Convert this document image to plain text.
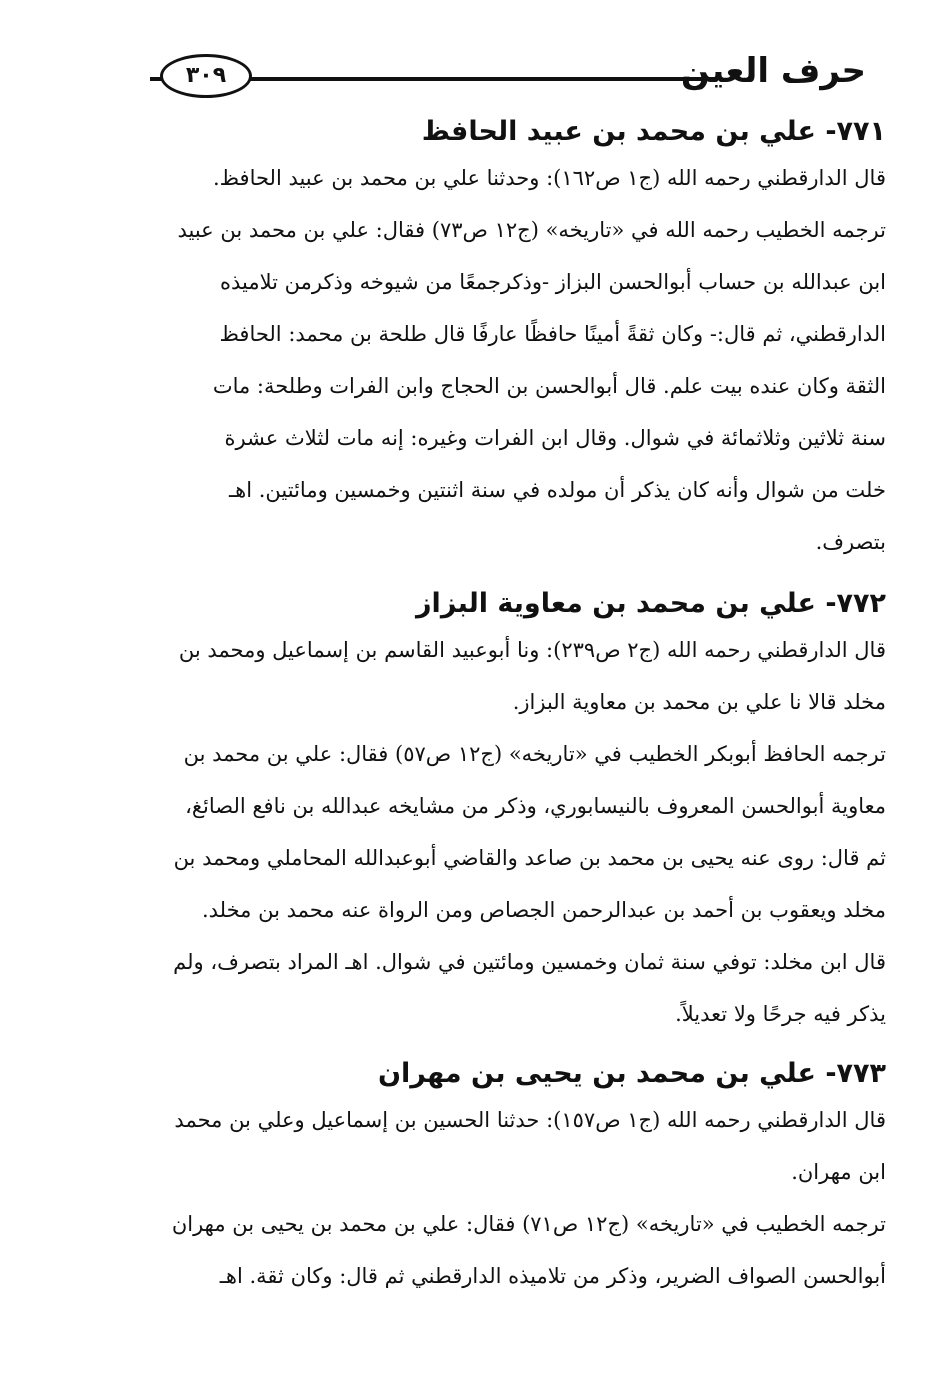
حرف العين
٣٠٩
٧٧١- علي بن محمد بن عبيد الحافظ
قال الدارقطني رحمه الله (ج١ ص١٦٢): وحدثنا علي بن محمد بن عبيد الحافظ.
ترجمه الخطيب رحمه الله في «تاريخه» (ج١٢ ص٧٣) فقال: علي بن محمد بن عبيد
ابن عبدالله بن حساب أبوالحسن البزاز -وذكرجمعًا من شيوخه وذكرمن تلاميذه
الدارقطني، ثم قال:- وكان ثقةً أمينًا حافظًا عارفًا قال طلحة بن محمد: الحافظ
الثقة وكان عنده بيت علم. قال أبوالحسن بن الحجاج وابن الفرات وطلحة: مات
سنة ثلاثين وثلاثمائة في شوال. وقال ابن الفرات وغيره: إنه مات لثلاث عشرة
خلت من شوال وأنه كان يذكر أن مولده في سنة اثنتين وخمسين ومائتين. اهـ
بتصرف.
٧٧٢- علي بن محمد بن معاوية البزاز
قال الدارقطني رحمه الله (ج٢ ص٢٣٩): ونا أبوعبيد القاسم بن إسماعيل ومحمد بن
مخلد قالا نا علي بن محمد بن معاوية البزاز.
ترجمه الحافظ أبوبكر الخطيب في «تاريخه» (ج١٢ ص٥٧) فقال: علي بن محمد بن
معاوية أبوالحسن المعروف بالنيسابوري، وذكر من مشايخه عبدالله بن نافع الصائغ،
ثم قال: روى عنه يحيى بن محمد بن صاعد والقاضي أبوعبدالله المحاملي ومحمد بن
مخلد ويعقوب بن أحمد بن عبدالرحمن الجصاص ومن الرواة عنه محمد بن مخلد.
قال ابن مخلد: توفي سنة ثمان وخمسين ومائتين في شوال. اهـ المراد بتصرف، ولم
يذكر فيه جرحًا ولا تعديلاً.
٧٧٣- علي بن محمد بن يحيى بن مهران
قال الدارقطني رحمه الله (ج١ ص١٥٧): حدثنا الحسين بن إسماعيل وعلي بن محمد
ابن مهران.
ترجمه الخطيب في «تاريخه» (ج١٢ ص٧١) فقال: علي بن محمد بن يحيى بن مهران
أبوالحسن الصواف الضرير، وذكر من تلاميذه الدارقطني ثم قال: وكان ثقة. اهـ
